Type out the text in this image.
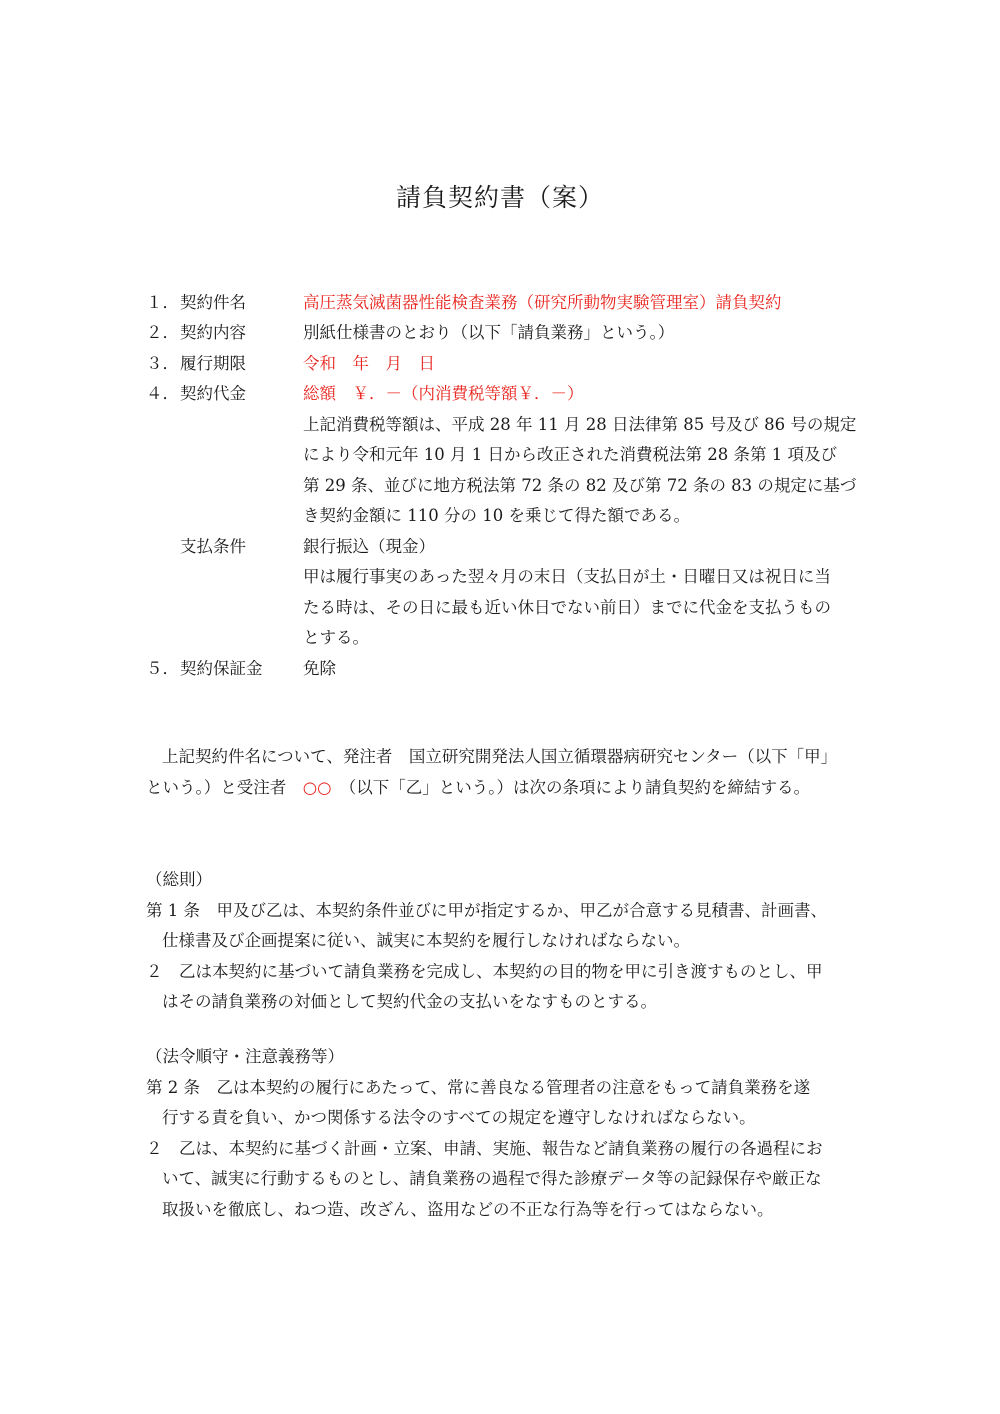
請負契約書（案）
１． 契約件名	高圧蒸気滅菌器性能検査業務（研究所動物実験管理室）請負契約
２． 契約内容	別紙仕様書のとおり（以下「請負業務」という。）
３． 履行期限	令和　年　月　日
４． 契約代金	総額　￥．－（内消費税等額￥．－）
上記消費税等額は、平成 28 年 11 月 28 日法律第 85 号及び 86 号の規定
により令和元年 10 月 1 日から改正された消費税法第 28 条第 1 項及び
第 29 条、並びに地方税法第 72 条の 82 及び第 72 条の 83 の規定に基づ
き契約金額に 110 分の 10 を乗じて得た額である。
支払条件	銀行振込（現金）
甲は履行事実のあった翌々月の末日（支払日が土・日曜日又は祝日に当
たる時は、その日に最も近い休日でない前日）までに代金を支払うもの
とする。
５． 契約保証金 免除
上記契約件名について、発注者　国立研究開発法人国立循環器病研究センター（以下「甲」
という。）と受注者　○○　（以下「乙」という。）は次の条項により請負契約を締結する。
（総則）
第 1 条　甲及び乙は、本契約条件並びに甲が指定するか、甲乙が合意する見積書、計画書、
仕様書及び企画提案に従い、誠実に本契約を履行しなければならない。
２　乙は本契約に基づいて請負業務を完成し、本契約の目的物を甲に引き渡すものとし、甲
はその請負業務の対価として契約代金の支払いをなすものとする。
（法令順守・注意義務等）
第 2 条　乙は本契約の履行にあたって、常に善良なる管理者の注意をもって請負業務を遂
行する責を負い、かつ関係する法令のすべての規定を遵守しなければならない。
２　乙は、本契約に基づく計画・立案、申請、実施、報告など請負業務の履行の各過程にお
いて、誠実に行動するものとし、請負業務の過程で得た診療データ等の記録保存や厳正な
取扱いを徹底し、ねつ造、改ざん、盗用などの不正な行為等を行ってはならない。
